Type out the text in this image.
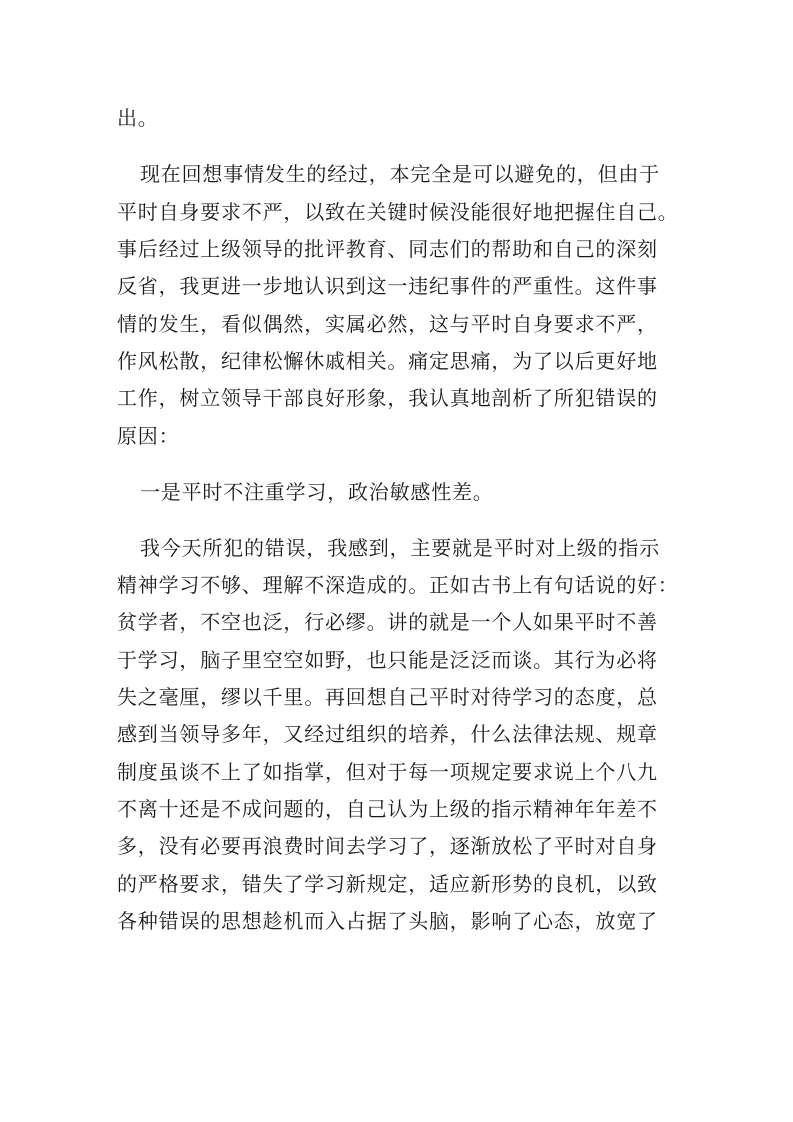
出。
现在回想事情发生的经过，本完全是可以避免的，但由于
平时自身要求不严，以致在关键时候没能很好地把握住自己。
事后经过上级领导的批评教育、同志们的帮助和自己的深刻
反省，我更进一步地认识到这一违纪事件的严重性。这件事
情的发生，看似偶然，实属必然，这与平时自身要求不严，
作风松散，纪律松懈休戚相关。痛定思痛，为了以后更好地
工作，树立领导干部良好形象，我认真地剖析了所犯错误的
原因：
一是平时不注重学习，政治敏感性差。
我今天所犯的错误，我感到，主要就是平时对上级的指示
精神学习不够、理解不深造成的。正如古书上有句话说的好：
贫学者，不空也泛，行必缪。讲的就是一个人如果平时不善
于学习，脑子里空空如野，也只能是泛泛而谈。其行为必将
失之毫厘，缪以千里。再回想自己平时对待学习的态度，总
感到当领导多年，又经过组织的培养，什么法律法规、规章
制度虽谈不上了如指掌，但对于每一项规定要求说上个八九
不离十还是不成问题的，自己认为上级的指示精神年年差不
多，没有必要再浪费时间去学习了，逐渐放松了平时对自身
的严格要求，错失了学习新规定，适应新形势的良机，以致
各种错误的思想趁机而入占据了头脑，影响了心态，放宽了
